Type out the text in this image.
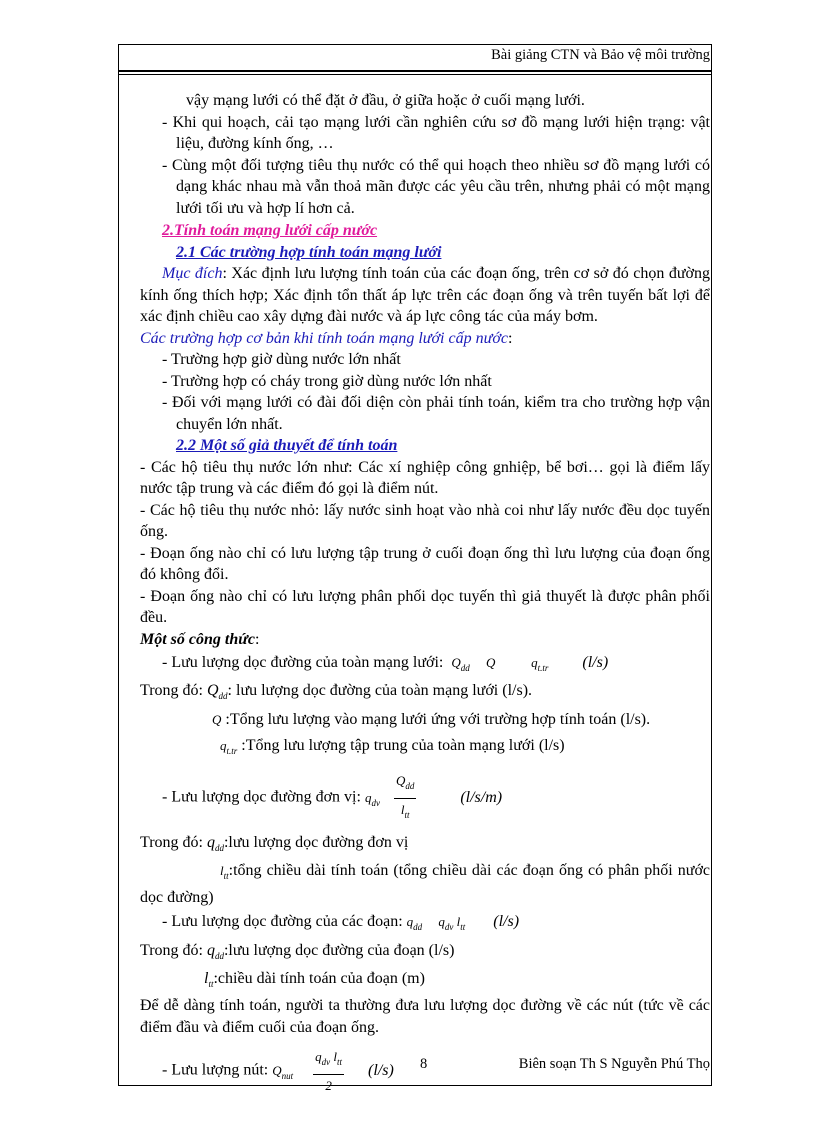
Bài giảng CTN và Bảo vệ môi trường

vậy mạng lưới có thể đặt ở đầu, ở giữa hoặc ở cuối mạng lưới.

- Khi qui hoạch, cải tạo mạng lưới cần nghiên cứu sơ đồ mạng lưới hiện trạng: vật liệu, đường kính ống, …

- Cùng một đối tượng tiêu thụ nước có thể qui hoạch theo nhiều sơ đồ mạng lưới có dạng khác nhau mà vẫn thoả mãn được các yêu cầu trên, nhưng phải có một mạng lưới tối ưu và hợp lí hơn cả.

2.Tính toán mạng lưới cấp nước

2.1 Các trường hợp tính toán mạng lưới

Mục đích: Xác định lưu lượng tính toán của các đoạn ống, trên cơ sở đó chọn đường kính ống thích hợp; Xác định tổn thất áp lực trên các đoạn ống và trên tuyến bất lợi để xác định chiều cao xây dựng đài nước và áp lực công tác của máy bơm.

Các trường hợp cơ bản khi tính toán mạng lưới cấp nước:

- Trường hợp giờ dùng nước lớn nhất

- Trường hợp có cháy trong giờ dùng nước lớn nhất

- Đối với mạng lưới có đài đối diện còn phải tính toán, kiểm tra cho trường hợp vận chuyển lớn nhất.

2.2 Một số giả thuyết để tính toán

- Các hộ tiêu thụ nước lớn như: Các xí nghiệp công gnhiệp, bể bơi… gọi là điểm lấy nước tập trung và các điểm đó gọi là điểm nút.

- Các hộ tiêu thụ nước nhỏ: lấy nước sinh hoạt vào nhà coi như lấy nước đều dọc tuyến ống.

- Đoạn ống nào chỉ có lưu lượng tập trung ở cuối đoạn ống thì lưu lượng của đoạn ống đó không đổi.

- Đoạn ống nào chỉ có lưu lượng phân phối dọc tuyến thì giả thuyết là được phân phối đều.

Một số công thức:

- Lưu lượng dọc đường của toàn mạng lưới: $Q_{dd}$ Q	$q_{t.tr}$ (l/s)

Trong đó: $Q_{dd}$: lưu lượng dọc đường của toàn mạng lưới (l/s).

Q :Tổng lưu lượng vào mạng lưới ứng với trường hợp tính toán (l/s).

$q_{t.tr}$ :Tổng lưu lượng tập trung của toàn mạng lưới (l/s)

- Lưu lượng dọc đường đơn vị: $q_{dv} \frac{Q_{dd}}{l_{tt}}$	(l/s/m)

Trong đó: $q_{dd}:lưu$ lượng dọc đường đơn vị

$l_{tt}:tổng$ chiều dài tính toán (tổng chiều dài các đoạn ống có phân phối nước dọc đường)

- Lưu lượng dọc đường của các đoạn: $q_{dd}$ $q_{dv}$ $l_{tt}$ (l/s)

Trong đó: $q_{dd}:lưu$ lượng dọc đường của đoạn (l/s)

$l_{tt}:chiều$ dài tính toán của đoạn (m)

Để dễ dàng tính toán, người ta thường đưa lưu lượng dọc đường về các nút (tức về các điểm đầu và điểm cuối của đoạn ống.

- Lưu lượng nút: $Q_{nut} \frac{q_{dv} l_{tt}}{2} (l/s)$	8	Biên soạn Th S Nguyễn Phú Thọ
